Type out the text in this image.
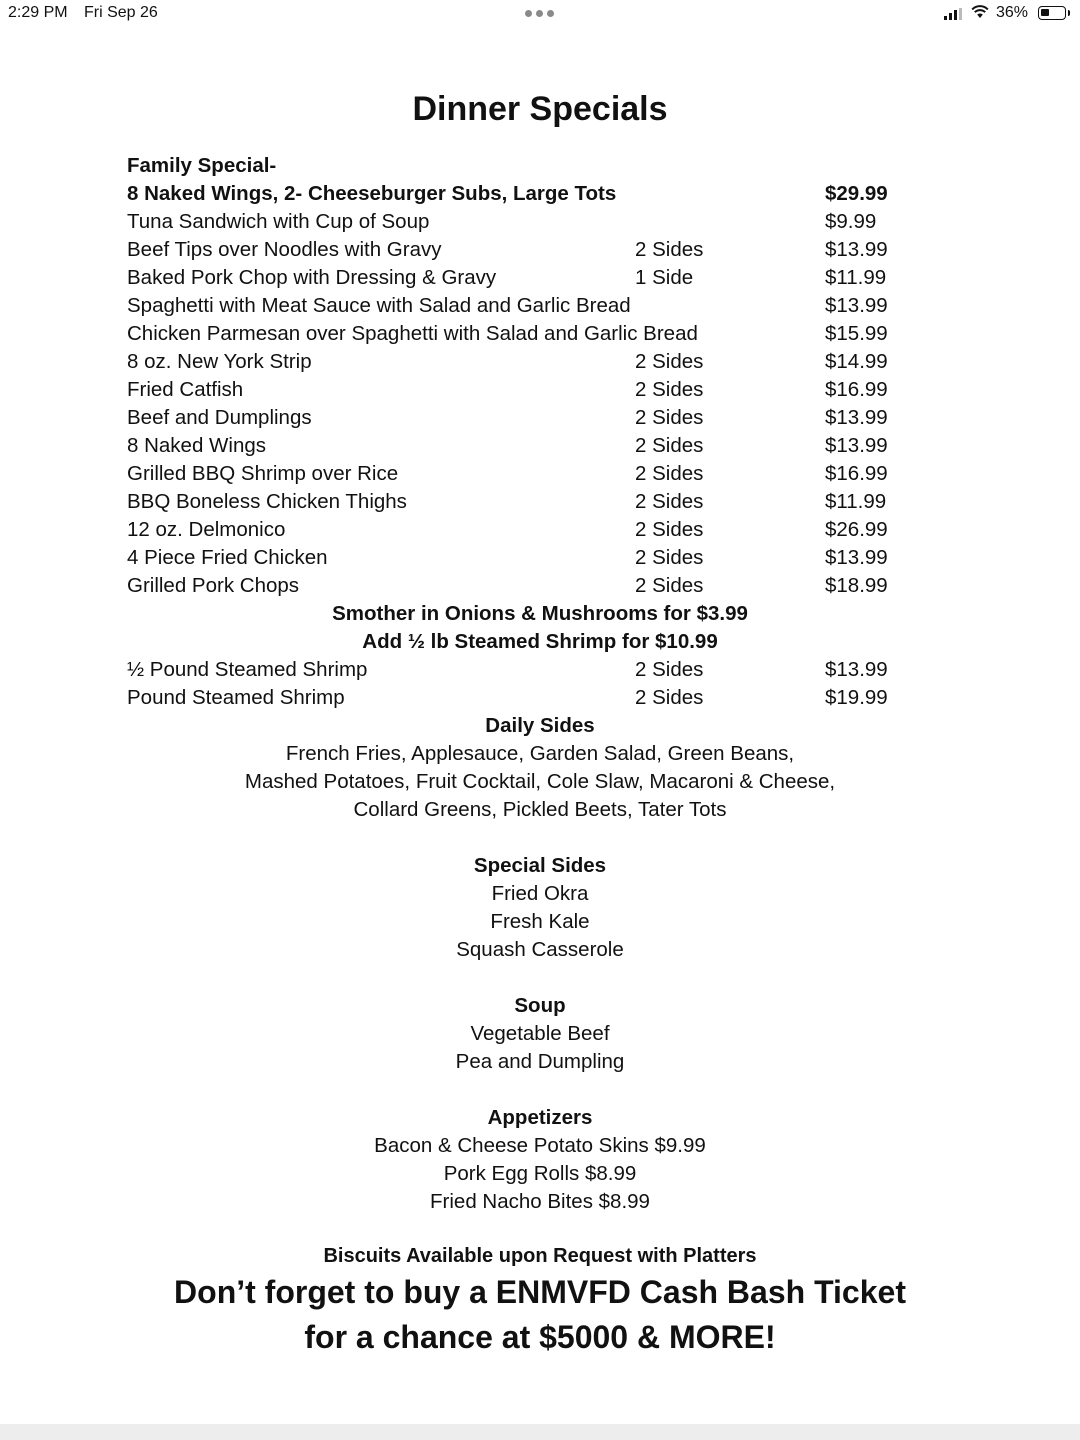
2:29 PM Fri Sep 26	36%
Dinner Specials
Family Special-
8 Naked Wings, 2- Cheeseburger Subs, Large Tots	$29.99
Tuna Sandwich with Cup of Soup	$9.99
Beef Tips over Noodles with Gravy	2 Sides	$13.99
Baked Pork Chop with Dressing & Gravy	1 Side	$11.99
Spaghetti with Meat Sauce with Salad and Garlic Bread	$13.99
Chicken Parmesan over Spaghetti with Salad and Garlic Bread	$15.99
8 oz. New York Strip	2 Sides	$14.99
Fried Catfish	2 Sides	$16.99
Beef and Dumplings	2 Sides	$13.99
8 Naked Wings	2 Sides	$13.99
Grilled BBQ Shrimp over Rice	2 Sides	$16.99
BBQ Boneless Chicken Thighs	2 Sides	$11.99
12 oz. Delmonico	2 Sides	$26.99
4 Piece Fried Chicken	2 Sides	$13.99
Grilled Pork Chops	2 Sides	$18.99
Smother in Onions & Mushrooms for $3.99
Add ½ lb Steamed Shrimp for $10.99
½ Pound Steamed Shrimp	2 Sides	$13.99
Pound Steamed Shrimp	2 Sides	$19.99
Daily Sides
French Fries, Applesauce, Garden Salad, Green Beans,
Mashed Potatoes, Fruit Cocktail, Cole Slaw, Macaroni & Cheese,
Collard Greens, Pickled Beets, Tater Tots
Special Sides
Fried Okra
Fresh Kale
Squash Casserole
Soup
Vegetable Beef
Pea and Dumpling
Appetizers
Bacon & Cheese Potato Skins $9.99
Pork Egg Rolls $8.99
Fried Nacho Bites $8.99
Biscuits Available upon Request with Platters
Don’t forget to buy a ENMVFD Cash Bash Ticket
for a chance at $5000 & MORE!
